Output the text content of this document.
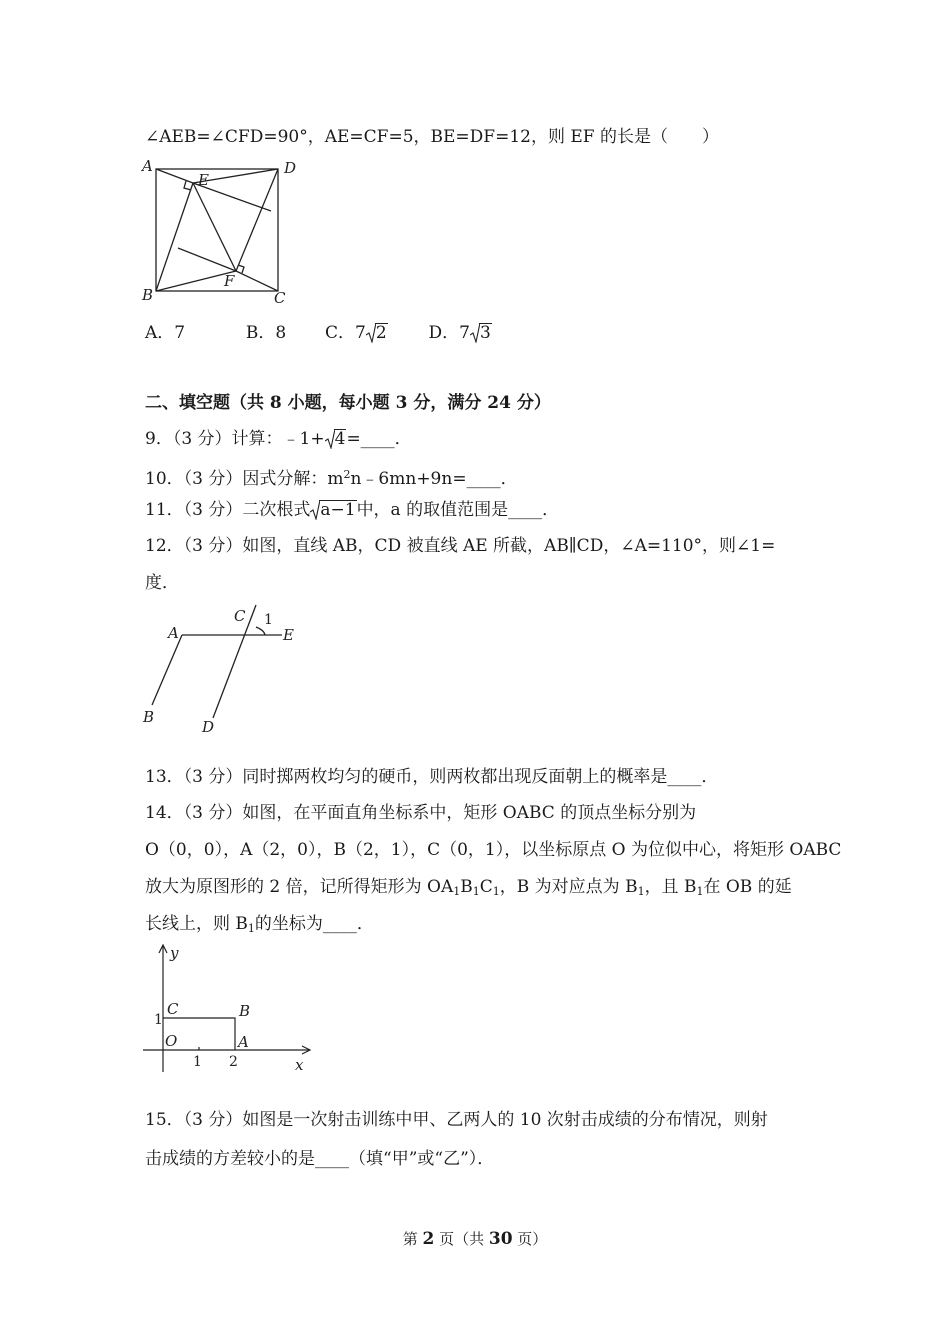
∠AEB=∠CFD=90°，AE=CF=5，BE=DF=12，则 EF 的长是（　　）
A	D
E
F
B	C
A．7	B．8 C．7 2 D．7 3
二、填空题（共 8 小题，每小题 3 分，满分 24 分）
9．（3 分）计算：﹣1+ 4=____．
10．（3 分）因式分解：$m^2n﹣6mn+9n=\_\_\_\_$．
11．（3 分）二次根式 a−1中，a 的取值范围是____．
12．（3 分）如图，直线 AB，CD 被直线 AE 所截，AB∥CD，∠A=110°，则∠1=
度．
A
C 1
E
B
D
13．（3 分）同时掷两枚均匀的硬币，则两枚都出现反面朝上的概率是____．
14．（3 分）如图，在平面直角坐标系中，矩形 OABC 的顶点坐标分别为
O（0，0），A（2，0），B（2，1），C（0，1），以坐标原点 O 为位似中心，将矩形 OABC
放大为原图形的 2 倍，记所得矩形为 $OA_1B_1C_1$，B 为对应点为 $B_1$，且 $B_1$在 OB 的延
长线上，则 $B_1$的坐标为____．
y
C	B
1
O	A
1 2	x
15．（3 分）如图是一次射击训练中甲、乙两人的 10 次射击成绩的分布情况，则射
击成绩的方差较小的是____（填“甲”或“乙”）．
第 2 页（共 30 页）
